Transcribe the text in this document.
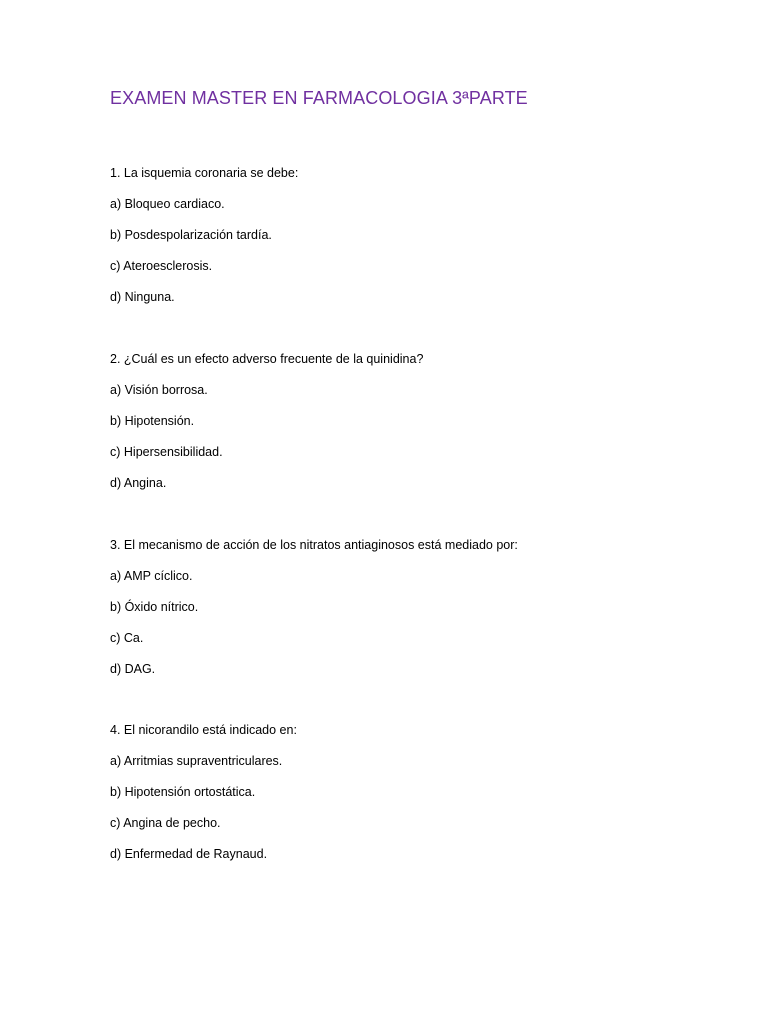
EXAMEN MASTER EN FARMACOLOGIA 3ªPARTE

1. La isquemia coronaria se debe:

a) Bloqueo cardiaco.

b) Posdespolarización tardía.

c) Ateroesclerosis.

d) Ninguna.

2. ¿Cuál es un efecto adverso frecuente de la quinidina?

a) Visión borrosa.

b) Hipotensión.

c) Hipersensibilidad.

d) Angina.

3. El mecanismo de acción de los nitratos antiaginosos está mediado por:

a) AMP cíclico.

b) Óxido nítrico.

c) Ca.

d) DAG.

4. El nicorandilo está indicado en:

a) Arritmias supraventriculares.

b) Hipotensión ortostática.

c) Angina de pecho.

d) Enfermedad de Raynaud.
